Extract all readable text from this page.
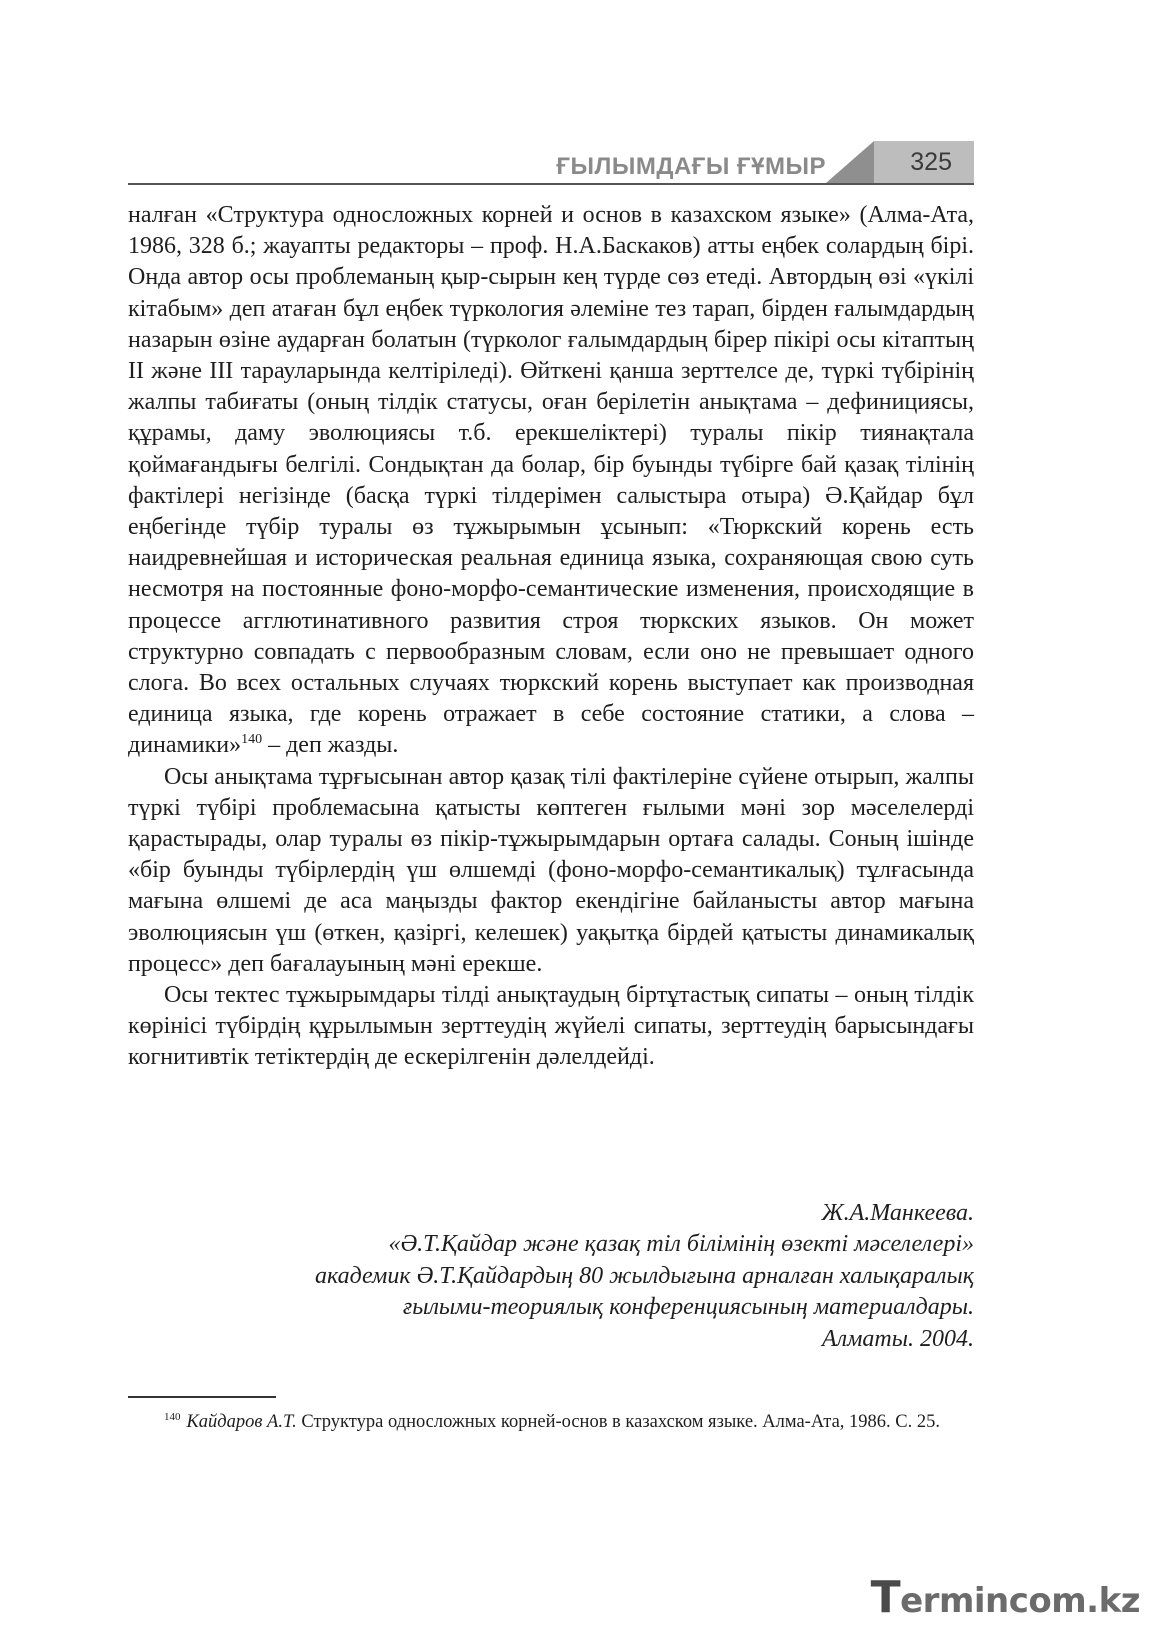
ҒЫЛЫМДАҒЫ ҒҰМЫР	325

налған «Структура односложных корней и основ в казахском языке» (Алма-Ата, 1986, 328 б.; жауапты редакторы – проф. Н.А.Баскаков) атты еңбек солардың бірі. Онда автор осы проблеманың қыр-сырын кең түрде сөз етеді. Автордың өзі «үкілі кітабым» деп атаған бұл еңбек түркология әлеміне тез тарап, бірден ғалымдардың назарын өзіне аударған болатын (түрколог ғалымдардың бірер пікірі осы кітаптың ІІ және ІІІ тарауларында келтіріледі). Өйткені қанша зерттелсе де, түркі түбірінің жалпы табиғаты (оның тілдік статусы, оған берілетін анықтама – дефинициясы, құрамы, даму эволюциясы т.б. ерекшеліктері) туралы пікір тиянақтала қоймағандығы белгілі. Сондықтан да болар, бір буынды түбірге бай қазақ тілінің фактілері негізінде (басқа түркі тілдерімен салыстыра отыра) Ә.Қайдар бұл еңбегінде түбір туралы өз тұжырымын ұсынып: «Тюркский корень есть наидревнейшая и историческая реальная единица языка, сохраняющая свою суть несмотря на постоянные фоно-морфо-семантические изменения, происходящие в процессе агглютинативного развития строя тюркских языков. Он может структурно совпадать с первообразным словам, если оно не превышает одного слога. Во всех остальных случаях тюркский корень выступает как производная единица языка, где корень отражает в себе состояние статики, а слова – динамики»$^{140}$ – деп жазды.

Осы анықтама тұрғысынан автор қазақ тілі фактілеріне сүйене отырып, жалпы түркі түбірі проблемасына қатысты көптеген ғылыми мәні зор мәселелерді қарастырады, олар туралы өз пікір-тұжырымдарын ортаға салады. Соның ішінде «бір буынды түбірлердің үш өлшемді (фоно-морфо-семантикалық) тұлғасында мағына өлшемі де аса маңызды фактор екендігіне байланысты автор мағына эволюциясын үш (өткен, қазіргі, келешек) уақытқа бірдей қатысты динамикалық процесс» деп бағалауының мәні ерекше.

Осы тектес тұжырымдары тілді анықтаудың біртұтастық сипаты – оның тілдік көрінісі түбірдің құрылымын зерттеудің жүйелі сипаты, зерттеудің барысындағы когнитивтік тетіктердің де ескерілгенін дәлелдейді.

Ж.А.Манкеева.
«Ә.Т.Қайдар және қазақ тіл білімінің өзекті мәселелері»
академик Ә.Т.Қайдардың 80 жылдығына арналған халықаралық
ғылыми-теориялық конференциясының материалдары.
Алматы. 2004.
$^{140}$ Кайдаров А.Т. Структура односложных корней-основ в казахском языке. Алма-Ата, 1986. С. 25.
Termincom.kz
